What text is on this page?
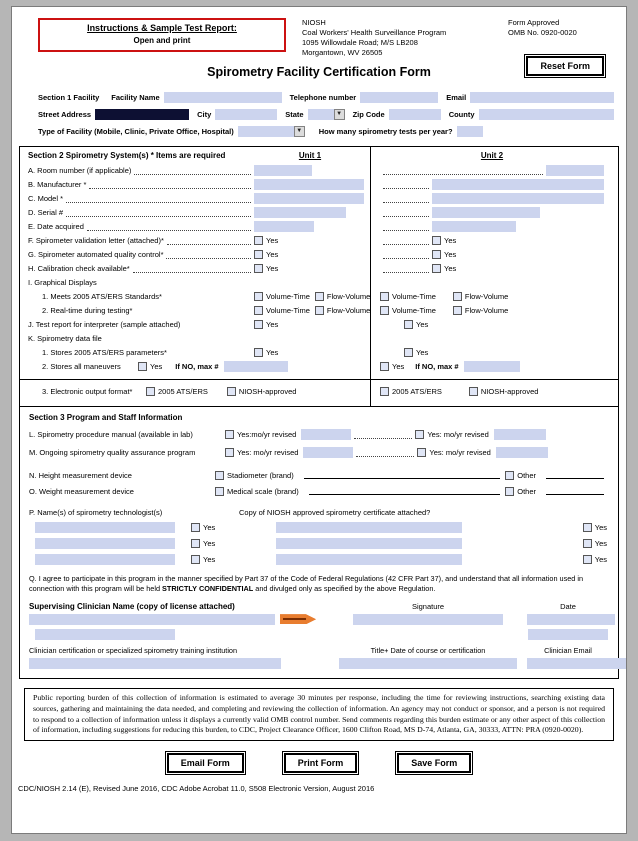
Instructions & Sample Test Report:
Open and print
NIOSH
Coal Workers' Health Surveillance Program
1095 Willowdale Road; M/S LB208
Morgantown, WV 26505
Form Approved
OMB No. 0920-0020
Reset Form
Spirometry Facility Certification Form
Section 1 Facility Facility Name	Telephone number	Email
Street Address	City	State	▼	Zip Code	County
Type of Facility (Mobile, Clinic, Private Office, Hospital)	▼	How many spirometry tests per year?
Section 2 Spirometry System(s) * Items are required	Unit 1	Unit 2
A. Room number (if applicable)
B. Manufacturer *
C. Model *
D. Serial #
E. Date acquired
F. Spirometer validation letter (attached)*	Yes	Yes
G. Spirometer automated quality control*	Yes	Yes
H. Calibration check available*	Yes	Yes
I. Graphical Displays
1. Meets 2005 ATS/ERS Standards*	Volume-Time Flow-Volume	Volume-Time	Flow-Volume
2. Real-time during testing*	Volume-Time Flow-Volume	Volume-Time	Flow-Volume
J. Test report for interpreter (sample attached)	Yes	Yes
K. Spirometry data file
1. Stores 2005 ATS/ERS parameters*	Yes	Yes
2. Stores all maneuvers	Yes If NO, max #	Yes If NO, max #
3. Electronic output format*	2005 ATS/ERS	NIOSH-approved	2005 ATS/ERS	NIOSH-approved
Section 3 Program and Staff Information
L. Spirometry procedure manual (available in lab)	Yes:mo/yr revised	Yes: mo/yr revised
M. Ongoing spirometry quality assurance program	Yes: mo/yr revised	Yes: mo/yr revised
N. Height measurement device	Stadiometer (brand)	Other
O. Weight measurement device	Medical scale (brand)	Other
P. Name(s) of spirometry technologist(s)	Copy of NIOSH approved spirometry certificate attached?
Yes	Yes
Yes	Yes
Yes	Yes
Q. I agree to participate in this program in the manner specified by Part 37 of the Code of Federal Regulations (42 CFR Part 37), and understand that all information used in connection with this program will be held STRICTLY CONFIDENTIAL and divulged only as specified by the above Regulation.
Supervising Clinician Name (copy of license attached)	Signature	Date
Clinician certification or specialized spirometry training institution	Title+ Date of course or certification	Clinician Email
Public reporting burden of this collection of information is estimated to average 30 minutes per response, including the time for reviewing instructions, searching existing data sources, gathering and maintaining the data needed, and completing and reviewing the collection of information. An agency may not conduct or sponsor, and a person is not required to respond to a collection of information unless it displays a currently valid OMB control number. Send comments regarding this burden estimate or any other aspect of this collection of information, including suggestions for reducing this burden, to CDC, Project Clearance Officer, 1600 Clifton Road, MS D-74, Atlanta, GA, 30333, ATTN: PRA (0920-0020).
Email Form	Print Form	Save Form
CDC/NIOSH 2.14 (E), Revised June 2016, CDC Adobe Acrobat 11.0, S508 Electronic Version, August 2016
